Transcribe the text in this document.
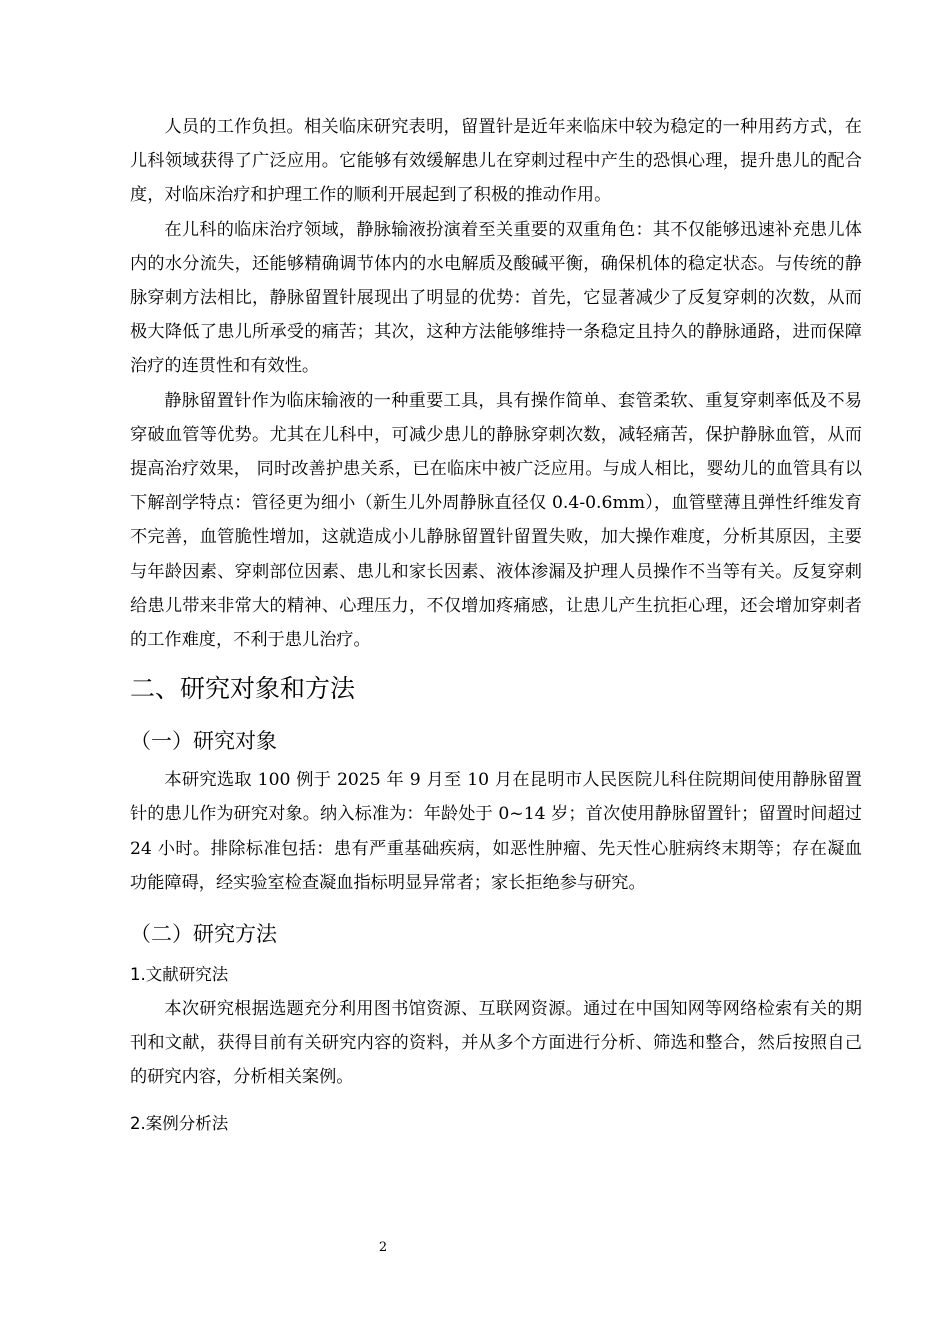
人员的工作负担。相关临床研究表明，留置针是近年来临床中较为稳定的一种用药方式，在儿科领域获得了广泛应用。它能够有效缓解患儿在穿刺过程中产生的恐惧心理，提升患儿的配合度，对临床治疗和护理工作的顺利开展起到了积极的推动作用。

在儿科的临床治疗领域，静脉输液扮演着至关重要的双重角色：其不仅能够迅速补充患儿体内的水分流失，还能够精确调节体内的水电解质及酸碱平衡，确保机体的稳定状态。与传统的静脉穿刺方法相比，静脉留置针展现出了明显的优势：首先，它显著减少了反复穿刺的次数，从而极大降低了患儿所承受的痛苦；其次，这种方法能够维持一条稳定且持久的静脉通路，进而保障治疗的连贯性和有效性。

静脉留置针作为临床输液的一种重要工具，具有操作简单、套管柔软、重复穿刺率低及不易穿破血管等优势。尤其在儿科中，可减少患儿的静脉穿刺次数，减轻痛苦，保护静脉血管，从而提高治疗效果， 同时改善护患关系，已在临床中被广泛应用。与成人相比，婴幼儿的血管具有以下解剖学特点：管径更为细小（新生儿外周静脉直径仅 0.4-0.6mm），血管壁薄且弹性纤维发育不完善，血管脆性增加，这就造成小儿静脉留置针留置失败，加大操作难度，分析其原因，主要与年龄因素、穿刺部位因素、患儿和家长因素、液体渗漏及护理人员操作不当等有关。反复穿刺给患儿带来非常大的精神、心理压力，不仅增加疼痛感，让患儿产生抗拒心理，还会增加穿刺者的工作难度，不利于患儿治疗。

二、研究对象和方法
（一）研究对象

本研究选取 100 例于 2025 年 9 月至 10 月在昆明市人民医院儿科住院期间使用静脉留置针的患儿作为研究对象。纳入标准为：年龄处于 0~14 岁；首次使用静脉留置针；留置时间超过 24 小时。排除标准包括：患有严重基础疾病，如恶性肿瘤、先天性心脏病终末期等；存在凝血功能障碍，经实验室检查凝血指标明显异常者；家长拒绝参与研究。

（二）研究方法
1.文献研究法

本次研究根据选题充分利用图书馆资源、互联网资源。通过在中国知网等网络检索有关的期刊和文献，获得目前有关研究内容的资料，并从多个方面进行分析、筛选和整合，然后按照自己的研究内容，分析相关案例。

2.案例分析法
2
